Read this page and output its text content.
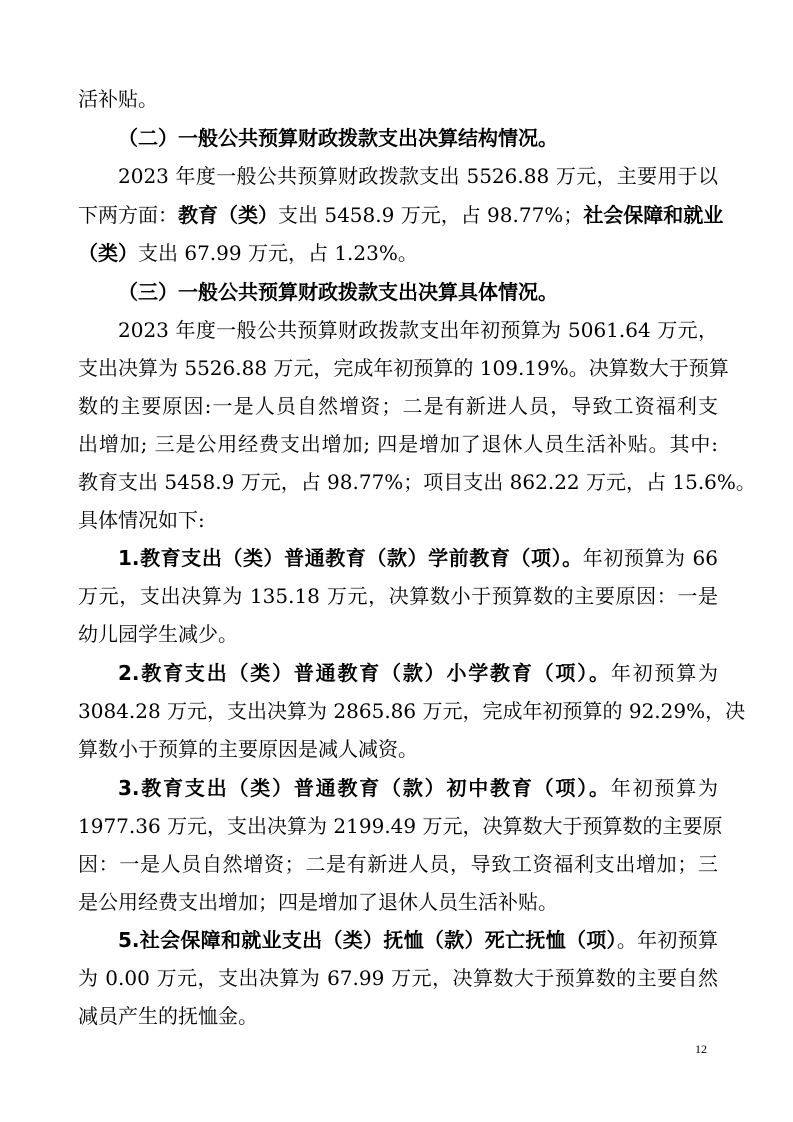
活补贴。
（二）一般公共预算财政拨款支出决算结构情况。
2023 年度一般公共预算财政拨款支出 5526.88 万元，主要用于以
下两方面：教育（类）支出 5458.9 万元，占 98.77%；社会保障和就业
（类）支出 67.99 万元，占 1.23%。
（三）一般公共预算财政拨款支出决算具体情况。
2023 年度一般公共预算财政拨款支出年初预算为 5061.64 万元，
支出决算为 5526.88 万元，完成年初预算的 109.19%。决算数大于预算
数的主要原因:一是人员自然增资；二是有新进人员，导致工资福利支
出增加; 三是公用经费支出增加; 四是增加了退休人员生活补贴。其中:
教育支出 5458.9 万元，占 98.77%；项目支出 862.22 万元，占 15.6%。
具体情况如下:
1.教育支出（类）普通教育（款）学前教育（项）。年初预算为 66
万元，支出决算为 135.18 万元，决算数小于预算数的主要原因：一是
幼儿园学生减少。
2.教育支出（类）普通教育（款）小学教育（项）。年初预算为
3084.28 万元，支出决算为 2865.86 万元，完成年初预算的 92.29%，决
算数小于预算的主要原因是减人减资。
3.教育支出（类）普通教育（款）初中教育（项）。年初预算为
1977.36 万元，支出决算为 2199.49 万元，决算数大于预算数的主要原
因：一是人员自然增资；二是有新进人员，导致工资福利支出增加；三
是公用经费支出增加；四是增加了退休人员生活补贴。
5.社会保障和就业支出（类）抚恤（款）死亡抚恤（项）。年初预算
为 0.00 万元，支出决算为 67.99 万元，决算数大于预算数的主要自然
减员产生的抚恤金。
12
